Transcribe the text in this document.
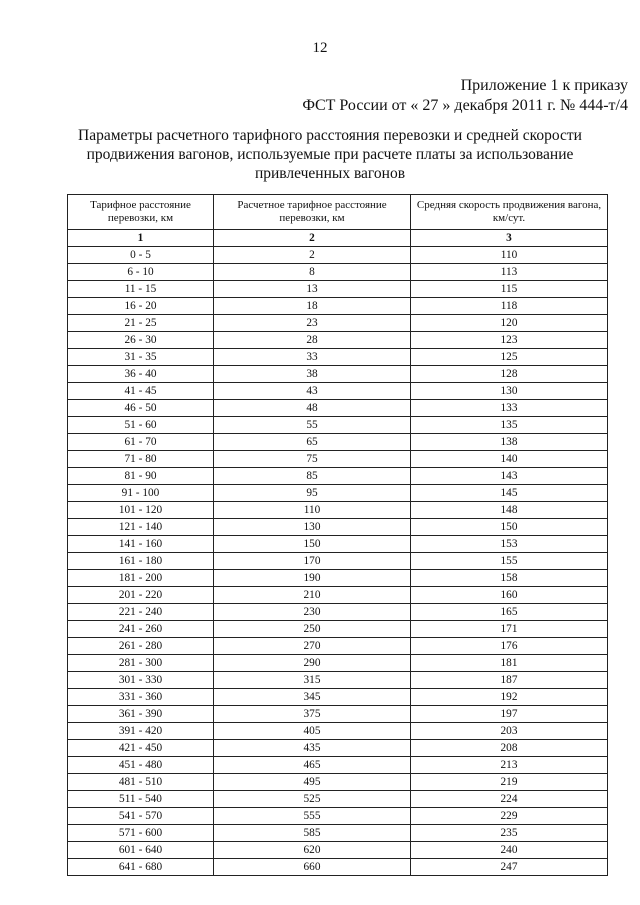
12
Приложение 1 к приказу
ФСТ России от « 27 » декабря 2011 г. № 444-т/4
Параметры расчетного тарифного расстояния перевозки и средней скорости продвижения вагонов, используемые при расчете платы за использование привлеченных вагонов
Тарифное расстояние перевозки, км	Расчетное тарифное расстояние перевозки, км	Средняя скорость продвижения вагона, км/сут.
1	2	3
0 - 5	2	110
6 - 10	8	113
11 - 15	13	115
16 - 20	18	118
21 - 25	23	120
26 - 30	28	123
31 - 35	33	125
36 - 40	38	128
41 - 45	43	130
46 - 50	48	133
51 - 60	55	135
61 - 70	65	138
71 - 80	75	140
81 - 90	85	143
91 - 100	95	145
101 - 120	110	148
121 - 140	130	150
141 - 160	150	153
161 - 180	170	155
181 - 200	190	158
201 - 220	210	160
221 - 240	230	165
241 - 260	250	171
261 - 280	270	176
281 - 300	290	181
301 - 330	315	187
331 - 360	345	192
361 - 390	375	197
391 - 420	405	203
421 - 450	435	208
451 - 480	465	213
481 - 510	495	219
511 - 540	525	224
541 - 570	555	229
571 - 600	585	235
601 - 640	620	240
641 - 680	660	247
